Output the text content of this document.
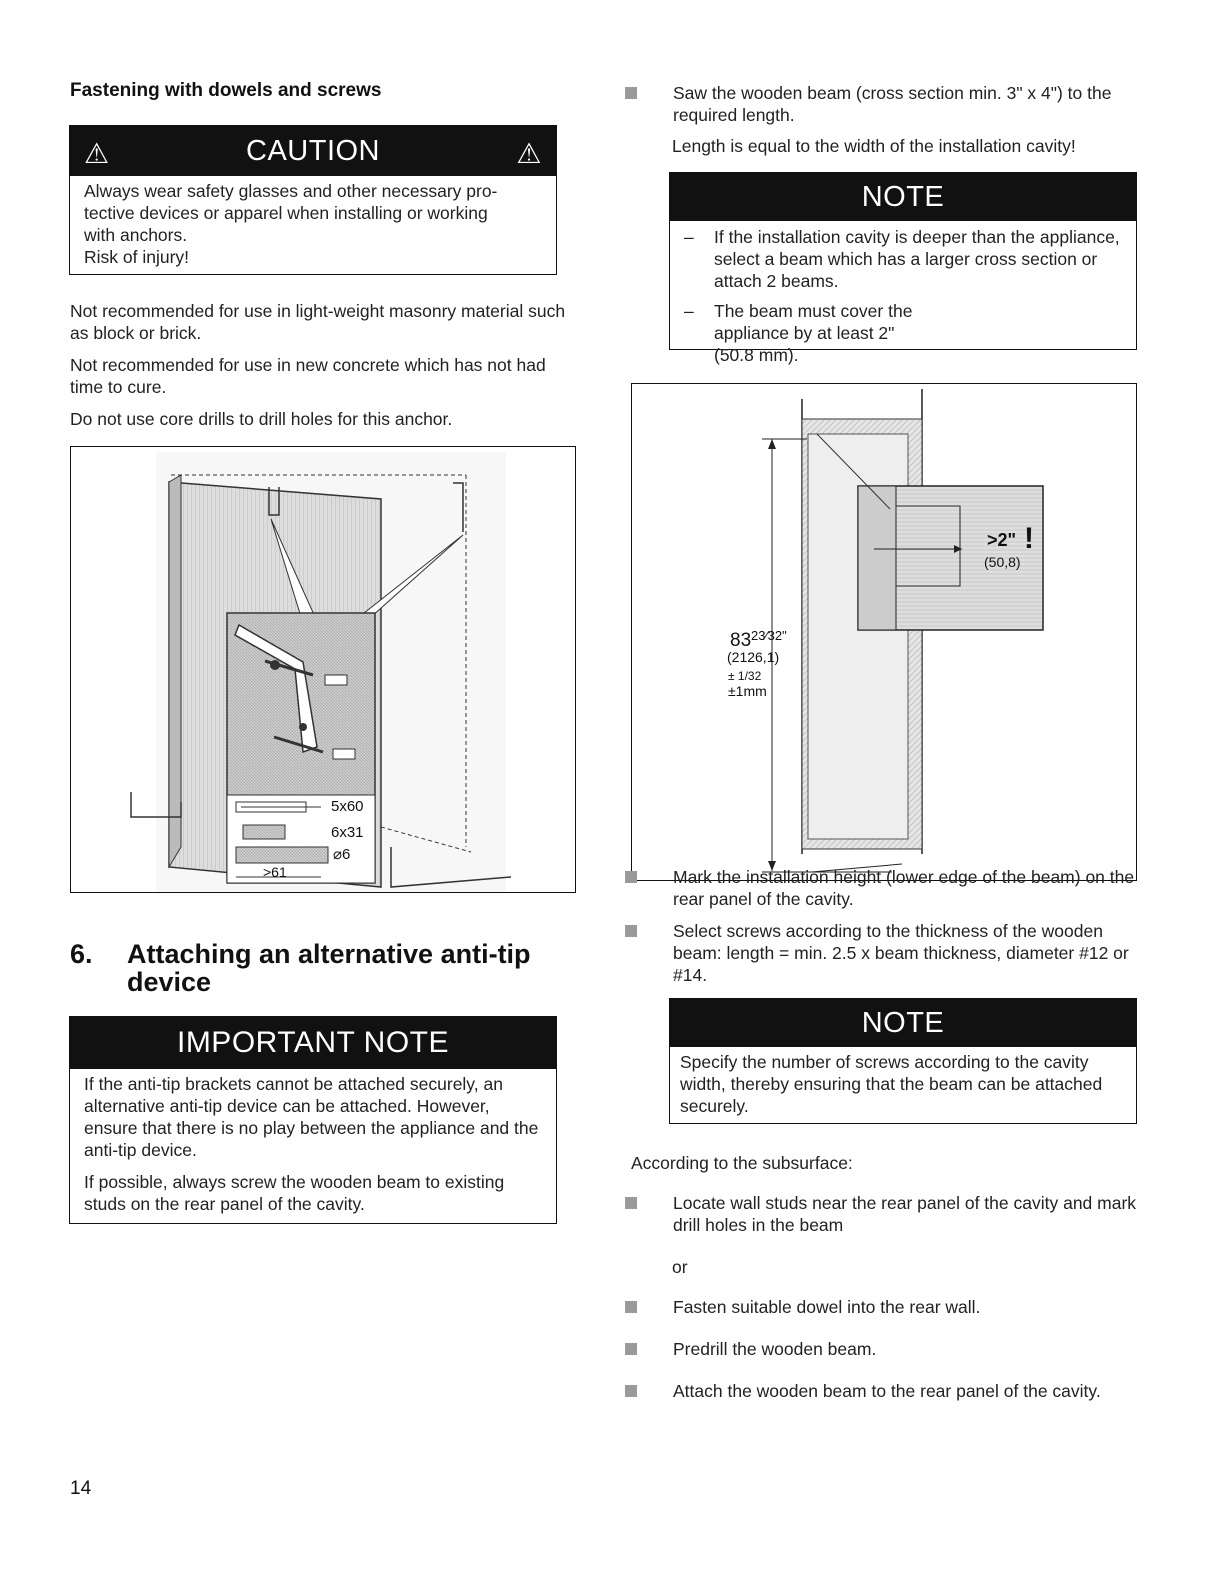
Fastening with dowels and screws
⚠	CAUTION	⚠
Always wear safety glasses and other necessary pro-
tective devices or apparel when installing or working
with anchors.
Risk of injury!

Not recommended for use in light-weight masonry material such as block or brick.

Not recommended for use in new concrete which has not had time to cure.

Do not use core drills to drill holes for this anchor.

5x60
6x31
⌀6
>61
6. Attaching an alternative anti-tip
device
IMPORTANT NOTE

If the anti-tip brackets cannot be attached securely, an alternative anti-tip device can be attached. However, ensure that there is no play between the appliance and the anti-tip device.

If possible, always screw the wooden beam to existing studs on the rear panel of the cavity.

14
Saw the wooden beam (cross section min. 3" x 4") to the required length.

Length is equal to the width of the installation cavity!

NOTE
–	If the installation cavity is deeper than the appliance, select a beam which has a larger cross section or attach 2 beams.
–	The beam must cover the appliance by at least 2" (50.8 mm).
83 23⁄32"
(2126,1)
± 1/32
±1mm
>2" !
(50,8)
Mark the installation height (lower edge of the beam) on the rear panel of the cavity.
Select screws according to the thickness of the wooden beam: length = min. 2.5 x beam thickness, diameter #12 or #14.
NOTE
Specify the number of screws according to the cavity width, thereby ensuring that the beam can be attached securely.

According to the subsurface:

Locate wall studs near the rear panel of the cavity and mark drill holes in the beam

or

Fasten suitable dowel into the rear wall.
Predrill the wooden beam.
Attach the wooden beam to the rear panel of the cavity.
